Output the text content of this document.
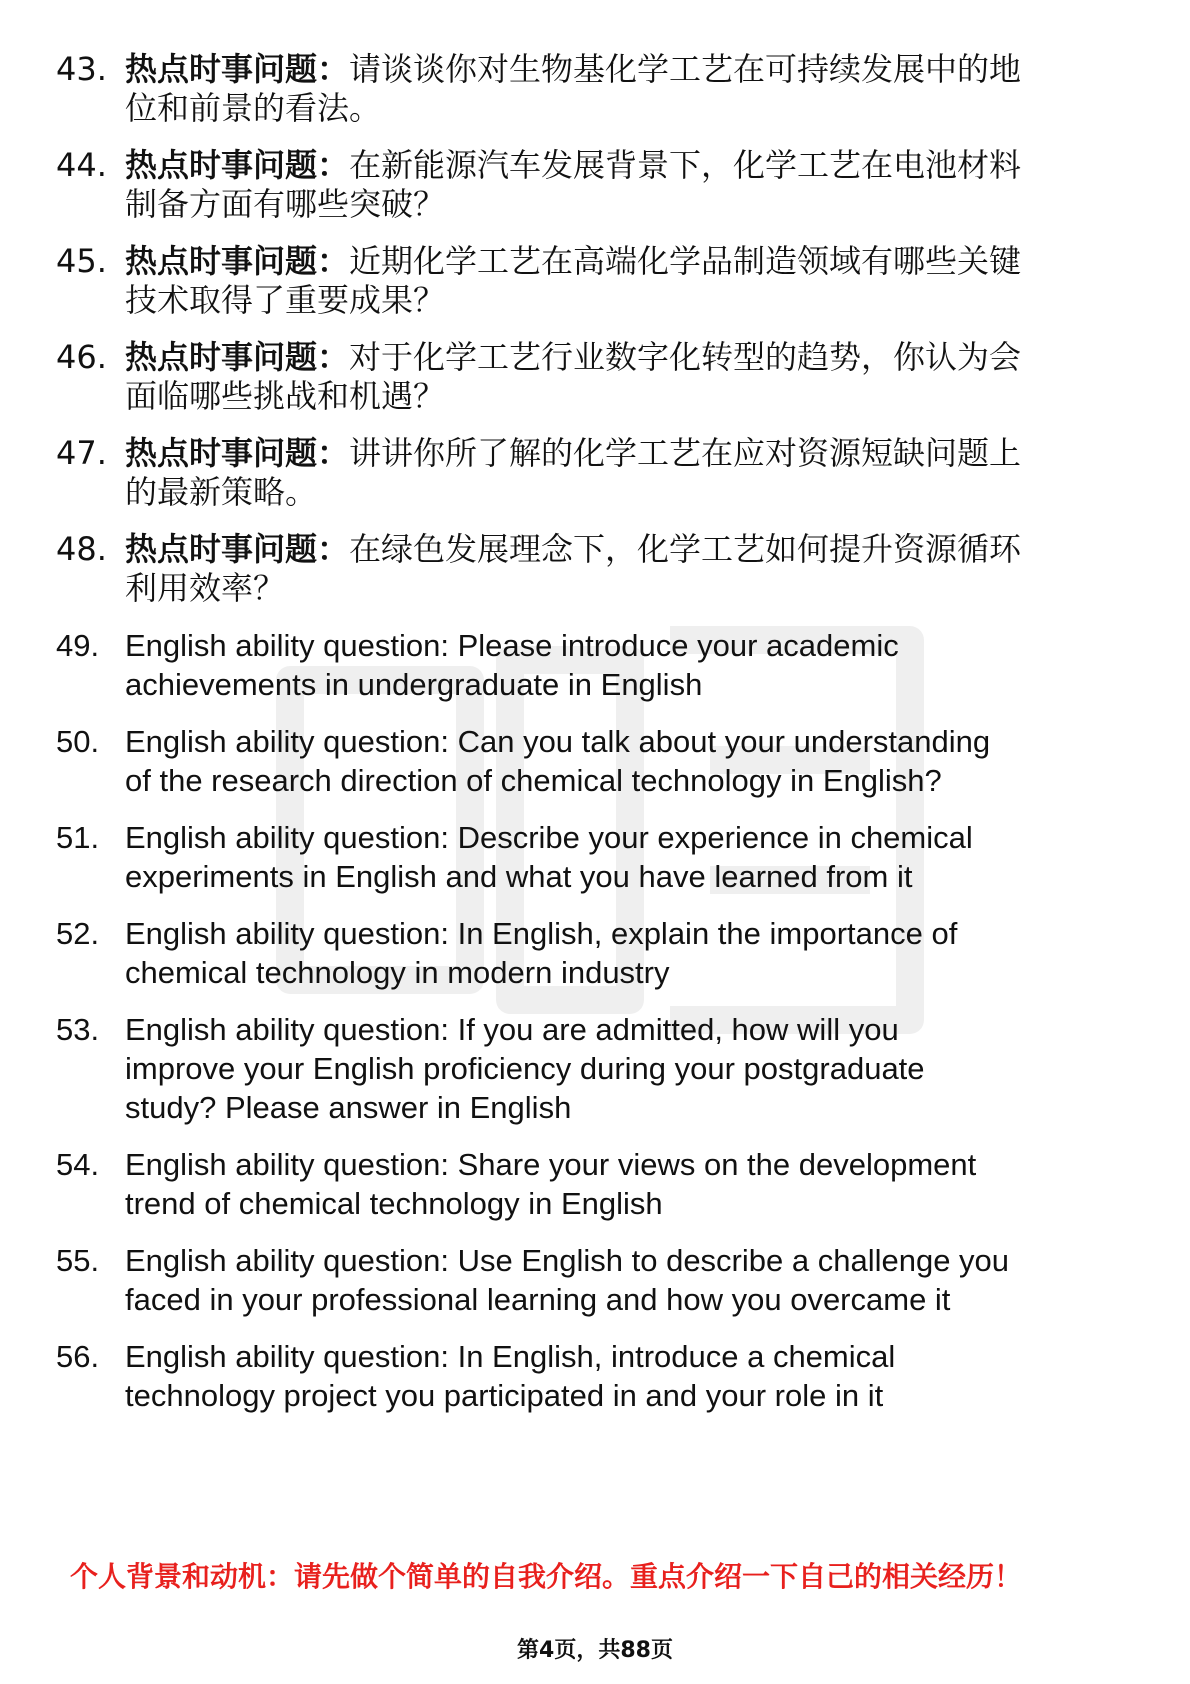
43. 热点时事问题：请谈谈你对生物基化学工艺在可持续发展中的地
位和前景的看法。
44. 热点时事问题：在新能源汽车发展背景下，化学工艺在电池材料
制备方面有哪些突破？
45. 热点时事问题：近期化学工艺在高端化学品制造领域有哪些关键
技术取得了重要成果？
46. 热点时事问题：对于化学工艺行业数字化转型的趋势，你认为会
面临哪些挑战和机遇？
47. 热点时事问题：讲讲你所了解的化学工艺在应对资源短缺问题上
的最新策略。
48. 热点时事问题：在绿色发展理念下，化学工艺如何提升资源循环
利用效率？
49. English ability question: Please introduce your academic
achievements in undergraduate in English
50. English ability question: Can you talk about your understanding
of the research direction of chemical technology in English?
51. English ability question: Describe your experience in chemical
experiments in English and what you have learned from it
52. English ability question: In English, explain the importance of
chemical technology in modern industry
53. English ability question: If you are admitted, how will you
improve your English proficiency during your postgraduate
study? Please answer in English
54. English ability question: Share your views on the development
trend of chemical technology in English
55. English ability question: Use English to describe a challenge you
faced in your professional learning and how you overcame it
56. English ability question: In English, introduce a chemical
technology project you participated in and your role in it
个人背景和动机：请先做个简单的自我介绍。重点介绍一下自己的相关经历！
第4页，共88页
